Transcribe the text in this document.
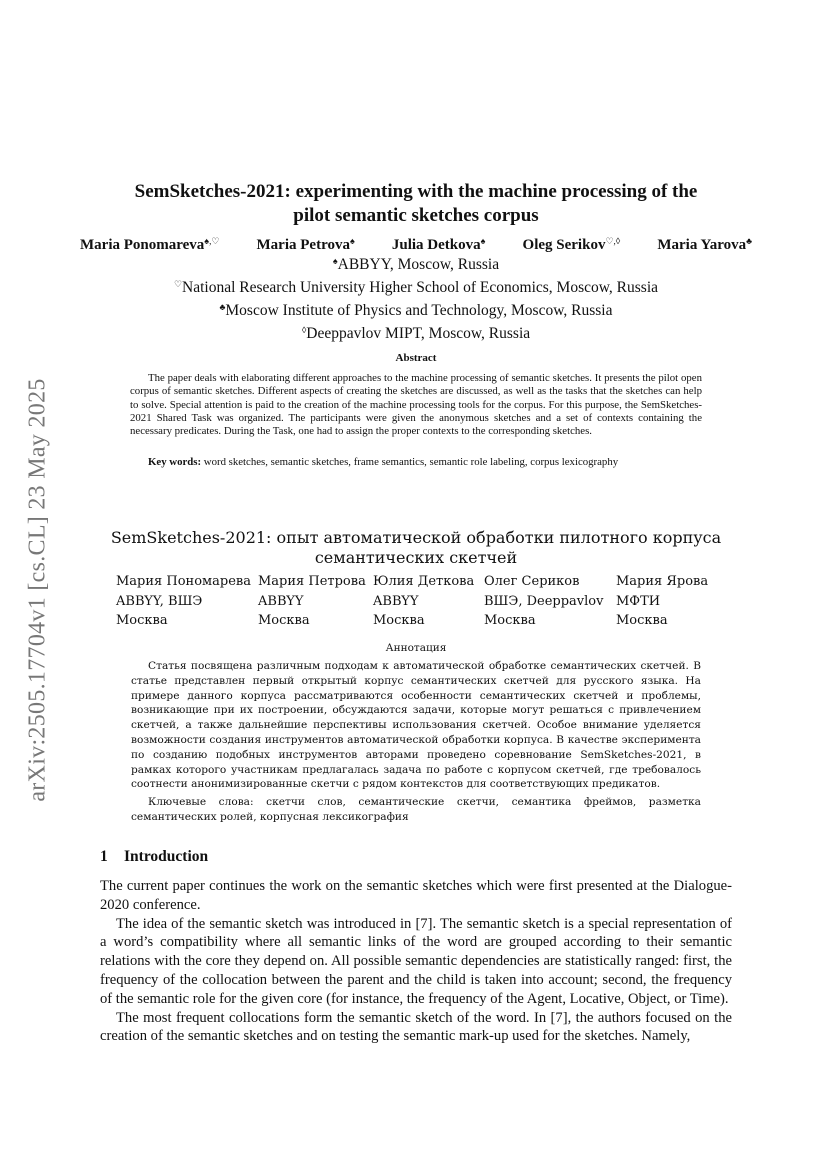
arXiv:2505.17704v1 [cs.CL] 23 May 2025
SemSketches-2021: experimenting with the machine processing of the
pilot semantic sketches corpus
Maria Ponomareva♠,♡ Maria Petrova♠ Julia Detkova♠ Oleg Serikov♡,◊ Maria Yarova♣
♠ABBYY, Moscow, Russia
♡National Research University Higher School of Economics, Moscow, Russia
♣Moscow Institute of Physics and Technology, Moscow, Russia
◊Deeppavlov MIPT, Moscow, Russia
Abstract

The paper deals with elaborating different approaches to the machine processing of semantic sketches. It presents the pilot open corpus of semantic sketches. Different aspects of creating the sketches are discussed, as well as the tasks that the sketches can help to solve. Special attention is paid to the creation of the machine processing tools for the corpus. For this purpose, the SemSketches-2021 Shared Task was organized. The participants were given the anonymous sketches and a set of contexts containing the necessary predicates. During the Task, one had to assign the proper contexts to the corresponding sketches.

Key words: word sketches, semantic sketches, frame semantics, semantic role labeling, corpus lexicography
SemSketches-2021: опыт автоматической обработки пилотного корпуса
семантических скетчей
Мария Пономарева
ABBYY, ВШЭ
Москва
Мария Петрова
ABBYY
Москва
Юлия Деткова
ABBYY
Москва
Олег Сериков
ВШЭ, Deeppavlov
Москва
Мария Ярова
МФТИ
Москва
Аннотация

Статья посвящена различным подходам к автоматической обработке семантических скетчей. В статье представлен первый открытый корпус семантических скетчей для русского языка. На примере данного корпуса рассматриваются особенности семантических скетчей и проблемы, возникающие при их построении, обсуждаются задачи, которые могут решаться с привлечением скетчей, а также дальнейшие перспективы использования скетчей. Особое внимание уделяется возможности создания инструментов автоматической обработки корпуса. В качестве эксперимента по созданию подобных инструментов авторами проведено соревнование SemSketches-2021, в рамках которого участникам предлагалась задача по работе с корпусом скетчей, где требовалось соотнести анонимизированные скетчи с рядом контекстов для соответствующих предикатов.

Ключевые слова: скетчи слов, семантические скетчи, семантика фреймов, разметка семантических ролей, корпусная лексикография

1 Introduction

The current paper continues the work on the semantic sketches which were first presented at the Dialogue-2020 conference.

The idea of the semantic sketch was introduced in [7]. The semantic sketch is a special representation of a word’s compatibility where all semantic links of the word are grouped according to their semantic relations with the core they depend on. All possible semantic dependencies are statistically ranged: first, the frequency of the collocation between the parent and the child is taken into account; second, the frequency of the semantic role for the given core (for instance, the frequency of the Agent, Locative, Object, or Time).

The most frequent collocations form the semantic sketch of the word. In [7], the authors focused on the creation of the semantic sketches and on testing the semantic mark-up used for the sketches. Namely,
